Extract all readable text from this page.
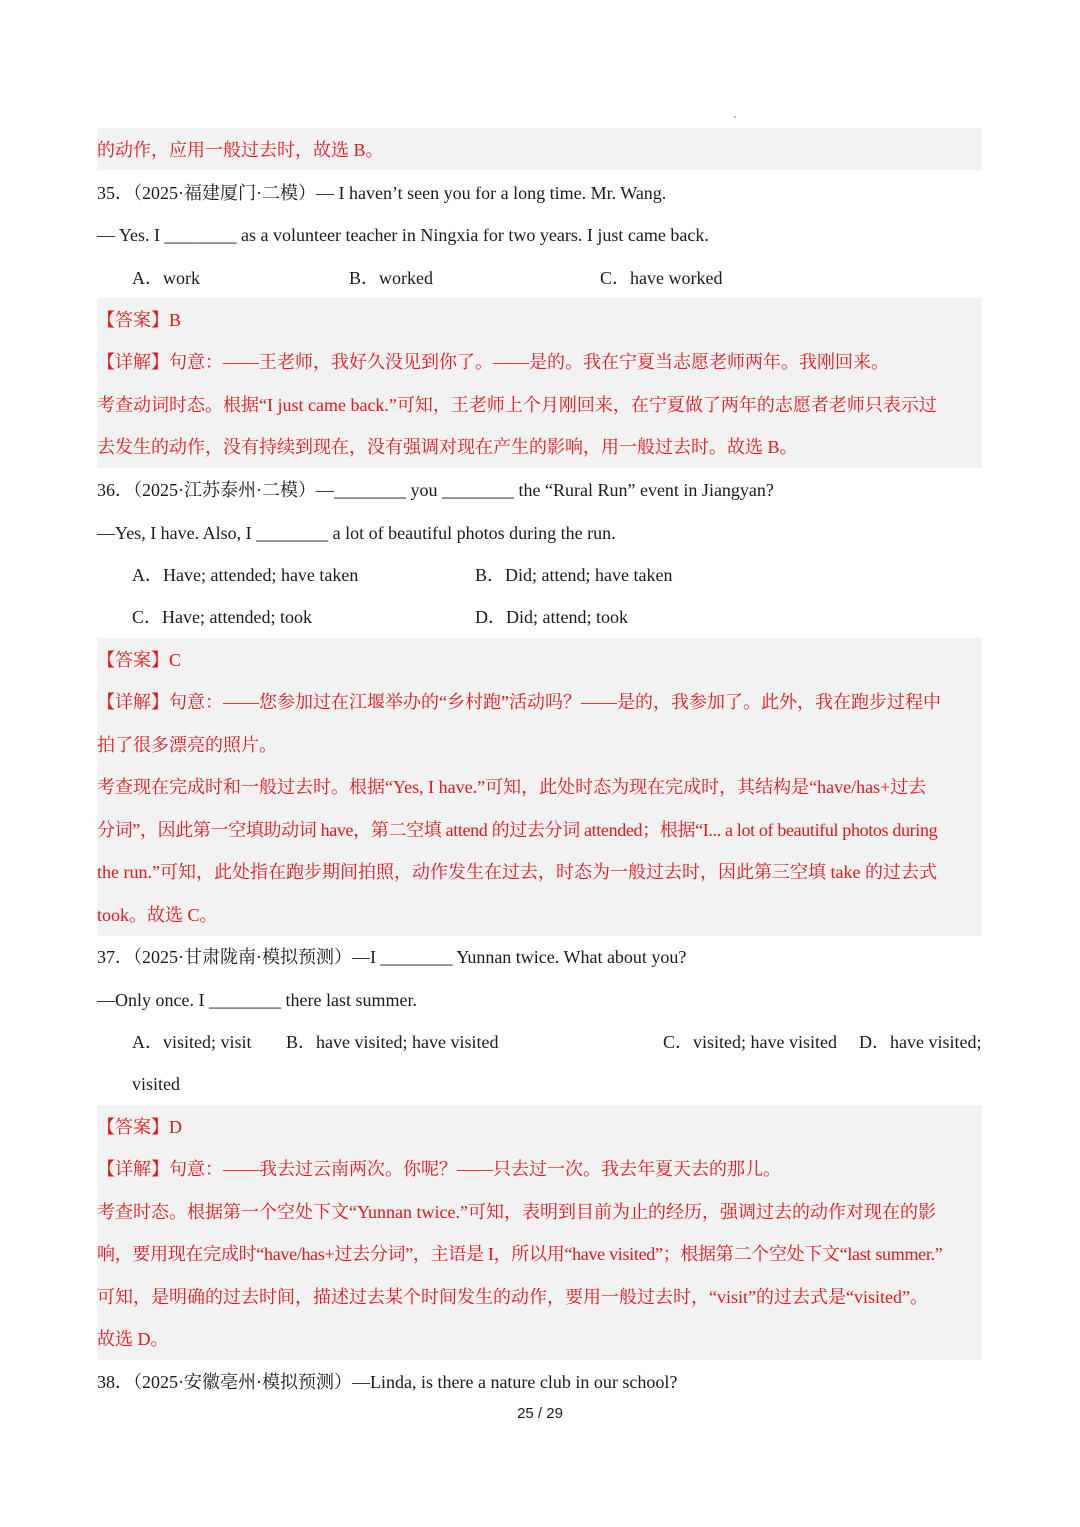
的动作，应用一般过去时，故选 B。
35．（2025·福建厦门·二模）— I haven’t seen you for a long time. Mr. Wang.
— Yes. I ________ as a volunteer teacher in Ningxia for two years. I just came back.
A．work	B．worked	C．have worked
【答案】B
【详解】句意：——王老师，我好久没见到你了。——是的。我在宁夏当志愿老师两年。我刚回来。
考查动词时态。根据“I just came back.”可知，王老师上个月刚回来，在宁夏做了两年的志愿者老师只表示过
去发生的动作，没有持续到现在，没有强调对现在产生的影响，用一般过去时。故选 B。
36．（2025·江苏泰州·二模）—________ you ________ the “Rural Run” event in Jiangyan?
—Yes, I have. Also, I ________ a lot of beautiful photos during the run.
A．Have; attended; have taken	B．Did; attend; have taken
C．Have; attended; took	D．Did; attend; took
【答案】C
【详解】句意：——您参加过在江堰举办的“乡村跑”活动吗？——是的，我参加了。此外，我在跑步过程中
拍了很多漂亮的照片。
考查现在完成时和一般过去时。根据“Yes, I have.”可知，此处时态为现在完成时，其结构是“have/has+过去
分词”，因此第一空填助动词 have，第二空填 attend 的过去分词 attended；根据“I... a lot of beautiful photos during
the run.”可知，此处指在跑步期间拍照，动作发生在过去，时态为一般过去时，因此第三空填 take 的过去式
took。故选 C。
37．（2025·甘肃陇南·模拟预测）—I ________ Yunnan twice. What about you?
—Only once. I ________ there last summer.
A．visited; visit B．have visited; have visited	C．visited; have visited D．have visited;
visited
【答案】D
【详解】句意：——我去过云南两次。你呢？——只去过一次。我去年夏天去的那儿。
考查时态。根据第一个空处下文“Yunnan twice.”可知，表明到目前为止的经历，强调过去的动作对现在的影
响，要用现在完成时“have/has+过去分词”，主语是 I，所以用“have visited”；根据第二个空处下文“last summer.”
可知，是明确的过去时间，描述过去某个时间发生的动作，要用一般过去时，“visit”的过去式是“visited”。
故选 D。
38．（2025·安徽亳州·模拟预测）—Linda, is there a nature club in our school?
25 / 29
